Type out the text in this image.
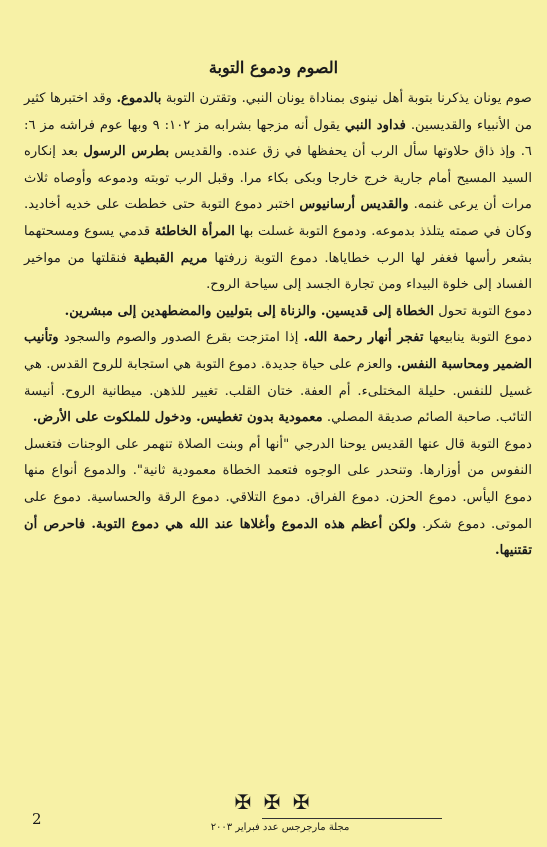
الصوم ودموع التوبة

صوم يونان يذكرنا بتوبة أهل نينوى بمناداة يونان النبي. وتقترن التوبة بالدموع. وقد اختبرها كثير من الأنبياء والقديسين. فداود النبي يقول أنه مزجها بشرابه مز ١٠٢: ٩ وبها عوم فراشه مز ٦: ٦. وإذ ذاق حلاوتها سأل الرب أن يحفظها في زق عنده. والقديس بطرس الرسول بعد إنكاره السيد المسيح أمام جارية خرج خارجا وبكى بكاء مرا. وقبل الرب توبته ودموعه وأوصاه ثلاث مرات أن يرعى غنمه. والقديس أرسانيوس اختبر دموع التوبة حتى خططت على خديه أخاديد. وكان في صمته يتلذذ بدموعه. ودموع التوبة غسلت بها المرأة الخاطئة قدمي يسوع ومسحتهما بشعر رأسها فغفر لها الرب خطاياها. دموع التوبة زرفتها مريم القبطية فنقلتها من مواخير الفساد إلى خلوة البيداء ومن تجارة الجسد إلى سياحة الروح.

دموع التوبة تحول الخطاة إلى قديسين. والزناة إلى بتوليين والمضطهدين إلى مبشرين.

دموع التوبة ينابيعها تفجر أنهار رحمة الله. إذا امتزجت بقرع الصدور والصوم والسجود وتأنيب الضمير ومحاسبة النفس. والعزم على حياة جديدة. دموع التوبة هي استجابة للروح القدس. هي غسيل للنفس. حليلة المختلىء. أم العفة. ختان القلب. تغيير للذهن. ميطانية الروح. أنيسة التائب. صاحبة الصائم صديقة المصلي. معمودية بدون تغطيس. ودخول للملكوت على الأرض.

دموع التوبة قال عنها القديس يوحنا الدرجي "أنها أم وبنت الصلاة تنهمر على الوجنات فتغسل النفوس من أوزارها. وتنحدر على الوجوه فتعمد الخطاة معمودية ثانية". والدموع أنواع منها دموع اليأس. دموع الحزن. دموع الفراق. دموع التلاقي. دموع الرقة والحساسية. دموع على الموتى. دموع شكر. ولكن أعظم هذه الدموع وأغلاها عند الله هي دموع التوبة. فاحرص أن تقتنيها.

✠ ✠ ✠
مجلة مارجرجس عدد فبراير ٢٠٠٣
2
